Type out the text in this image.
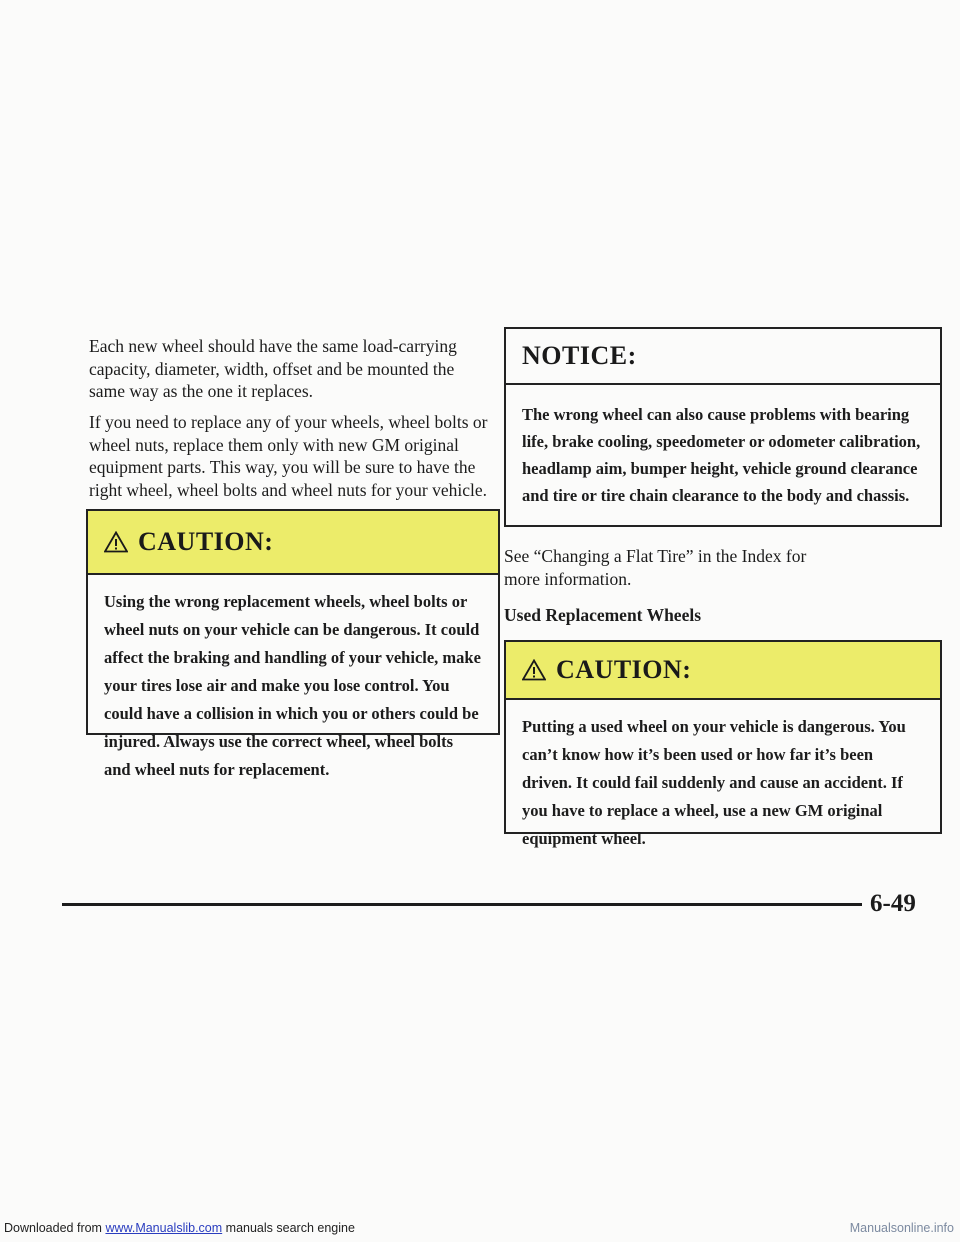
Each new wheel should have the same load-carrying capacity, diameter, width, offset and be mounted the same way as the one it replaces.

If you need to replace any of your wheels, wheel bolts or wheel nuts, replace them only with new GM original equipment parts. This way, you will be sure to have the right wheel, wheel bolts and wheel nuts for your vehicle.

CAUTION:
Using the wrong replacement wheels, wheel bolts or wheel nuts on your vehicle can be dangerous. It could affect the braking and handling of your vehicle, make your tires lose air and make you lose control. You could have a collision in which you or others could be injured. Always use the correct wheel, wheel bolts and wheel nuts for replacement.
NOTICE:
The wrong wheel can also cause problems with bearing life, brake cooling, speedometer or odometer calibration, headlamp aim, bumper height, vehicle ground clearance and tire or tire chain clearance to the body and chassis.

See “Changing a Flat Tire” in the Index for more information.

Used Replacement Wheels
CAUTION:
Putting a used wheel on your vehicle is dangerous. You can’t know how it’s been used or how far it’s been driven. It could fail suddenly and cause an accident. If you have to replace a wheel, use a new GM original equipment wheel.
6-49
Downloaded from www.Manualslib.com manuals search engine	Manualsonline.info
